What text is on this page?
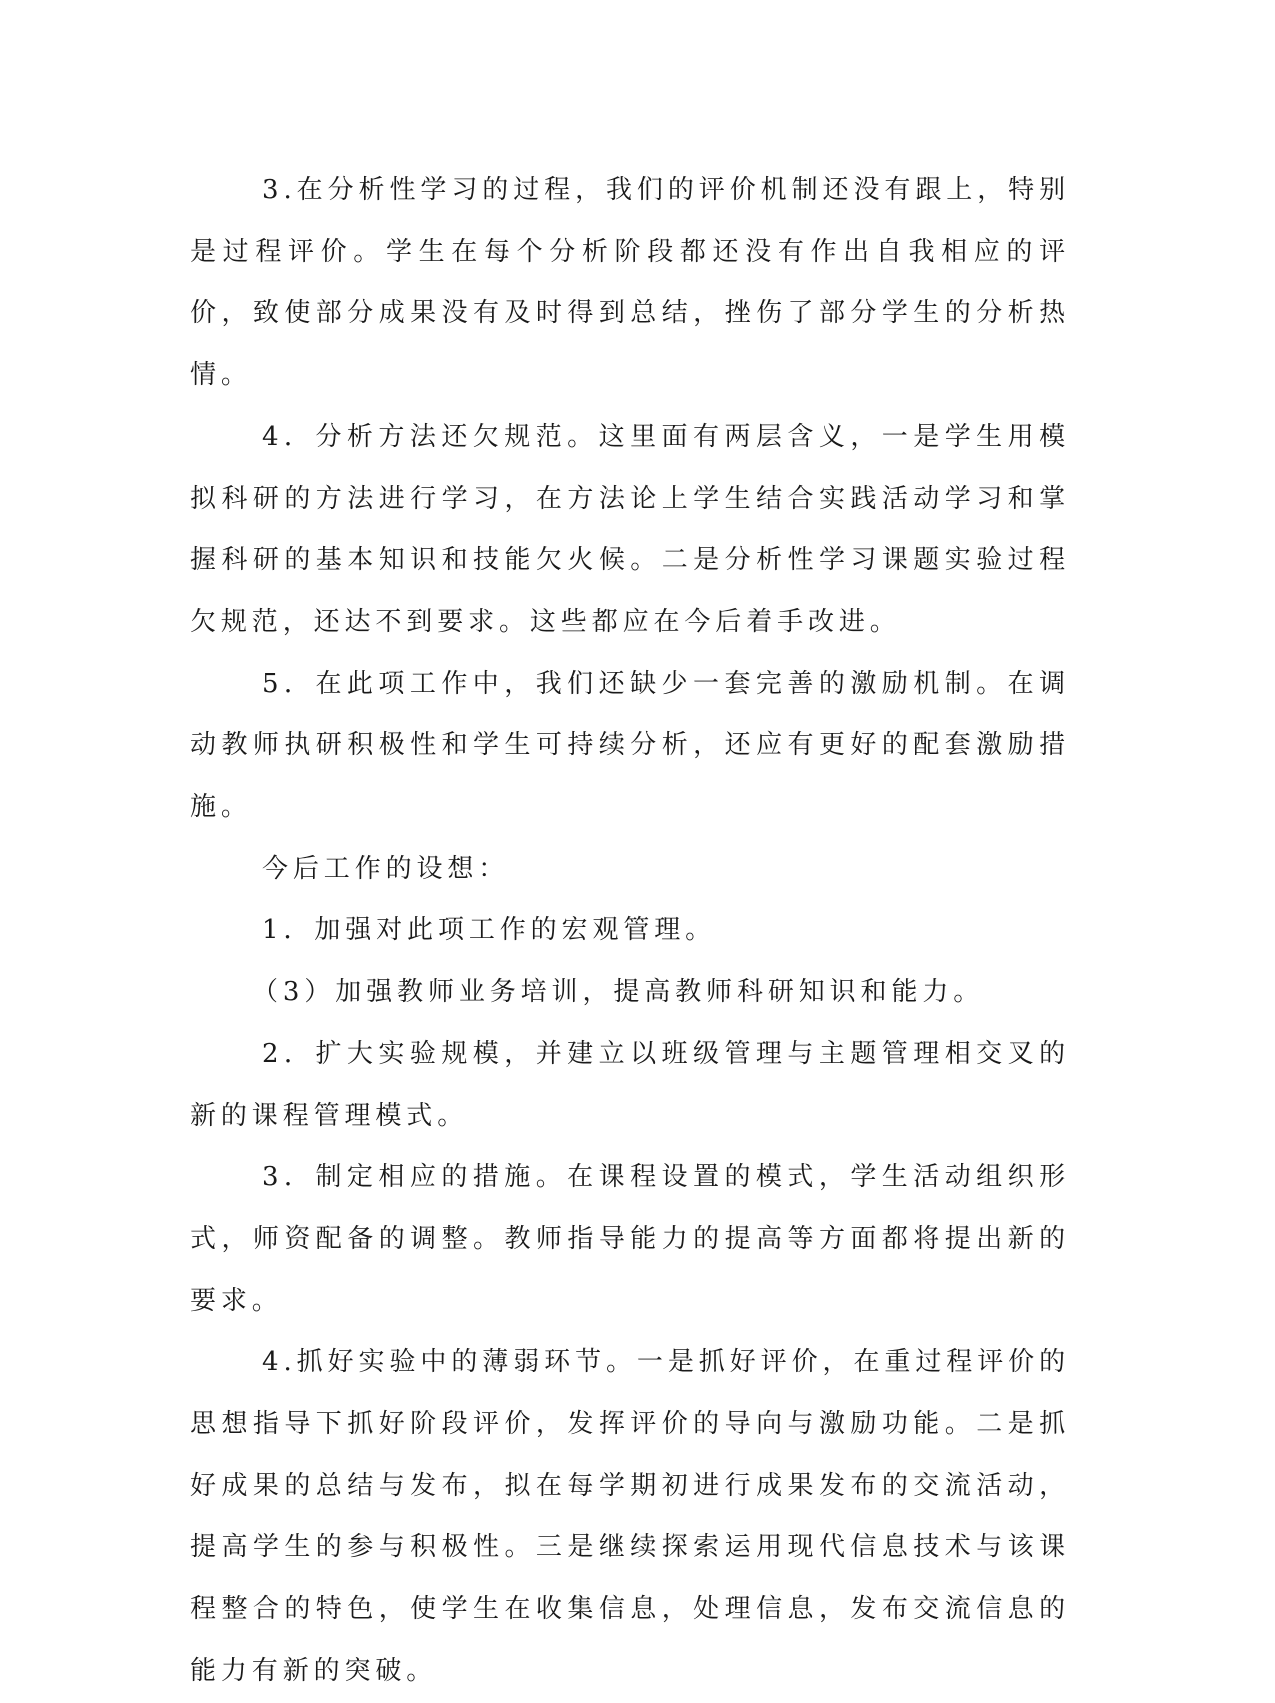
3.在分析性学习的过程，我们的评价机制还没有跟上，特别是过程评价。学生在每个分析阶段都还没有作出自我相应的评价，致使部分成果没有及时得到总结，挫伤了部分学生的分析热情。

4．分析方法还欠规范。这里面有两层含义，一是学生用模拟科研的方法进行学习，在方法论上学生结合实践活动学习和掌握科研的基本知识和技能欠火候。二是分析性学习课题实验过程欠规范，还达不到要求。这些都应在今后着手改进。

5．在此项工作中，我们还缺少一套完善的激励机制。在调动教师执研积极性和学生可持续分析，还应有更好的配套激励措施。

今后工作的设想：

1．加强对此项工作的宏观管理。

（3）加强教师业务培训，提高教师科研知识和能力。

2．扩大实验规模，并建立以班级管理与主题管理相交叉的新的课程管理模式。

3．制定相应的措施。在课程设置的模式，学生活动组织形式，师资配备的调整。教师指导能力的提高等方面都将提出新的要求。

4.抓好实验中的薄弱环节。一是抓好评价，在重过程评价的思想指导下抓好阶段评价，发挥评价的导向与激励功能。二是抓好成果的总结与发布，拟在每学期初进行成果发布的交流活动，提高学生的参与积极性。三是继续探索运用现代信息技术与该课程整合的特色，使学生在收集信息，处理信息，发布交流信息的能力有新的突破。
